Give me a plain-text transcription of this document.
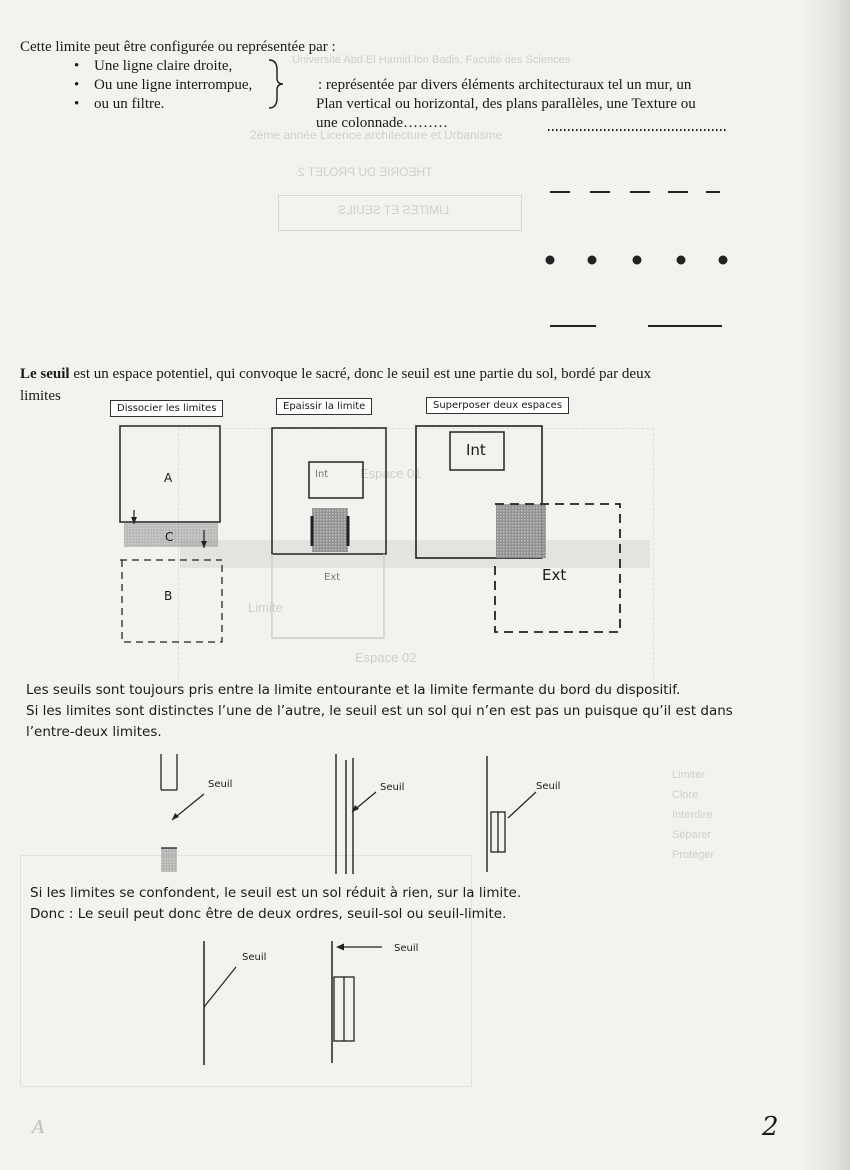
Université Abd El Hamid Ibn Badis, Faculté des Sciences
2ème année Licence architecture et Urbanisme
THEORIE DU PROJET 2
LIMITES ET SEUILS
Espace 01
Limite
Espace 02
Limiter
Clore
Interdire
Séparer
Protéger
Cette limite peut être configurée ou représentée par :
• Une ligne claire droite,
• Ou une ligne interrompue,
• ou un filtre.
: représentée par divers éléments architecturaux tel un mur, un
Plan vertical ou horizontal, des plans parallèles, une Texture ou
une colonnade………
Le seuil est un espace potentiel, qui convoque le sacré, donc le seuil est une partie du sol, bordé par deux
limites
Dissocier les limites	Epaissir la limite	Superposer deux espaces
A
C
B
Int
Ext
Int
Ext
Les seuils sont toujours pris entre la limite entourante et la limite fermante du bord du dispositif.
Si les limites sont distinctes l’une de l’autre, le seuil est un sol qui n’en est pas un puisque qu’il est dans
l’entre-deux limites.
Seuil	Seuil	Seuil
Si les limites se confondent, le seuil est un sol réduit à rien, sur la limite.
Donc : Le seuil peut donc être de deux ordres, seuil-sol ou seuil-limite.
Seuil
Seuil
2
A
